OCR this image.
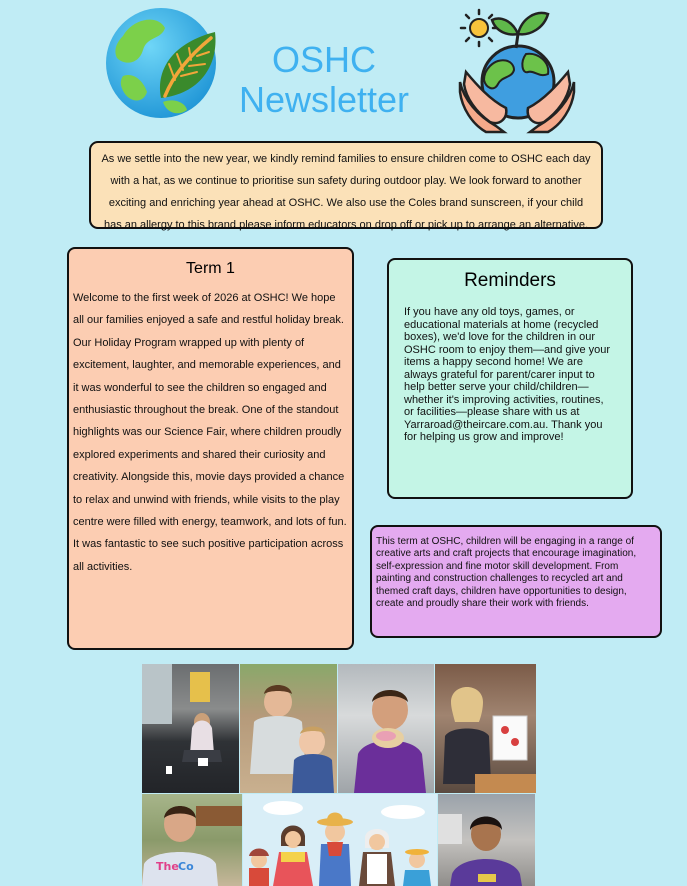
OSHC
Newsletter
As we settle into the new year, we kindly remind families to ensure children come to OSHC each day with a hat, as we continue to prioritise sun safety during outdoor play. We look forward to another exciting and enriching year ahead at OSHC. We also use the Coles brand sunscreen, if your child has an allergy to this brand please inform educators on drop off or pick up to arrange an alternative.
Term 1

Welcome to the first week of 2026 at OSHC! We hope all our families enjoyed a safe and restful holiday break. Our Holiday Program wrapped up with plenty of excitement, laughter, and memorable experiences, and it was wonderful to see the children so engaged and enthusiastic throughout the break. One of the standout highlights was our Science Fair, where children proudly explored experiments and shared their curiosity and creativity. Alongside this, movie days provided a chance to relax and unwind with friends, while visits to the play centre were filled with energy, teamwork, and lots of fun. It was fantastic to see such positive participation across all activities.

Reminders

If you have any old toys, games, or educational materials at home (recycled boxes), we'd love for the children in our OSHC room to enjoy them—and give your items a happy second home! We are always grateful for parent/carer input to help better serve your child/children—whether it's improving activities, routines, or facilities—please share with us at Yarraroad@theircare.com.au. Thank you for helping us grow and improve!

This term at OSHC, children will be engaging in a range of creative arts and craft projects that encourage imagination, self-expression and fine motor skill development. From painting and construction challenges to recycled art and themed craft days, children have opportunities to design, create and proudly share their work with friends.
The Co
